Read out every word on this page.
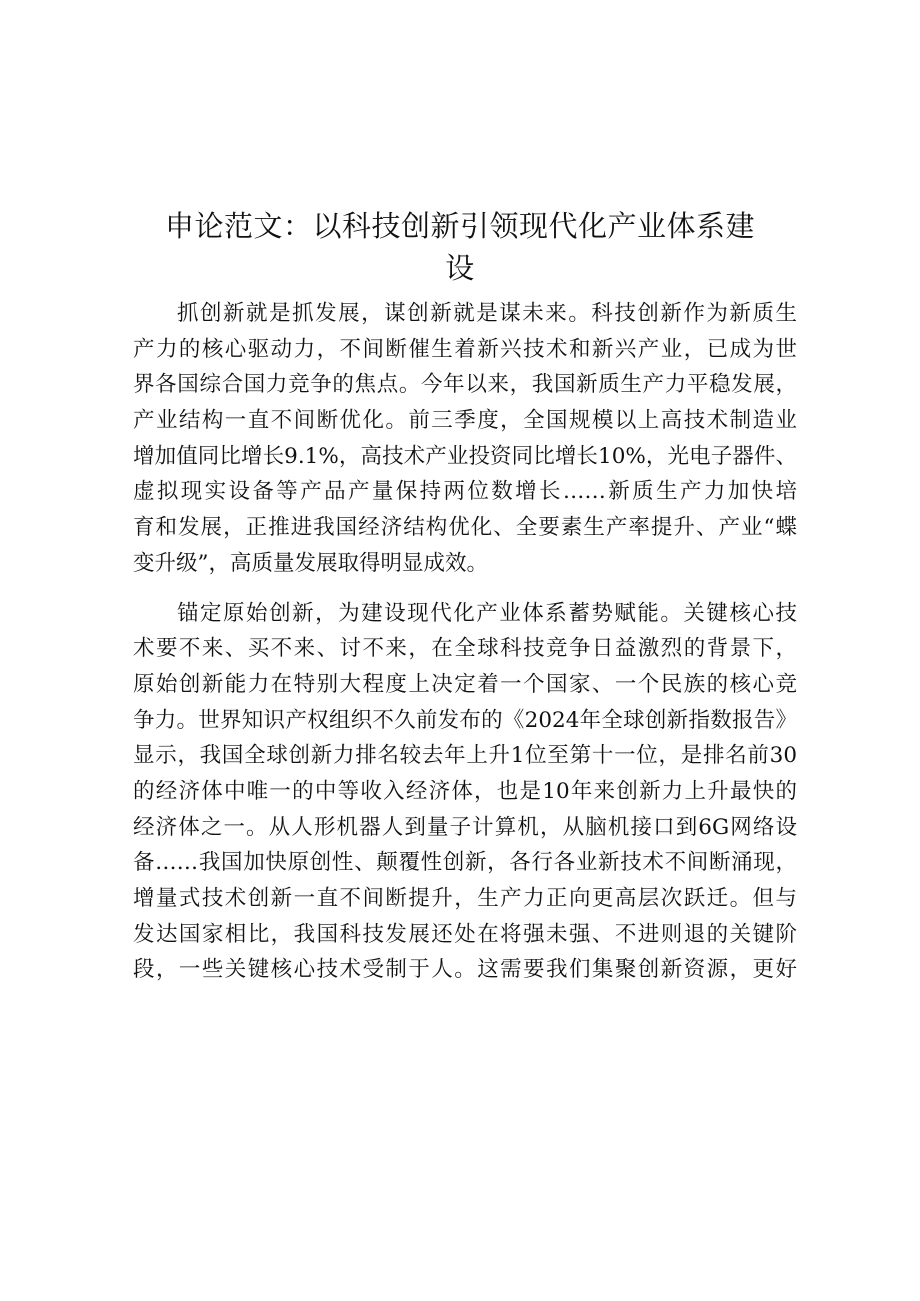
申论范文：以科技创新引领现代化产业体系建设
抓创新就是抓发展，谋创新就是谋未来。科技创新作为新质生
产力的核心驱动力，不间断催生着新兴技术和新兴产业，已成为世
界各国综合国力竞争的焦点。今年以来，我国新质生产力平稳发展，
产业结构一直不间断优化。前三季度，全国规模以上高技术制造业
增加值同比增长9.1%，高技术产业投资同比增长10%，光电子器件、
虚拟现实设备等产品产量保持两位数增长……新质生产力加快培
育和发展，正推进我国经济结构优化、全要素生产率提升、产业“蝶
变升级”，高质量发展取得明显成效。
锚定原始创新，为建设现代化产业体系蓄势赋能。关键核心技
术要不来、买不来、讨不来，在全球科技竞争日益激烈的背景下，
原始创新能力在特别大程度上决定着一个国家、一个民族的核心竞
争力。世界知识产权组织不久前发布的《2024年全球创新指数报告》
显示，我国全球创新力排名较去年上升1位至第十一位，是排名前30
的经济体中唯一的中等收入经济体，也是10年来创新力上升最快的
经济体之一。从人形机器人到量子计算机，从脑机接口到6G网络设
备……我国加快原创性、颠覆性创新，各行各业新技术不间断涌现，
增量式技术创新一直不间断提升，生产力正向更高层次跃迁。但与
发达国家相比，我国科技发展还处在将强未强、不进则退的关键阶
段，一些关键核心技术受制于人。这需要我们集聚创新资源，更好
